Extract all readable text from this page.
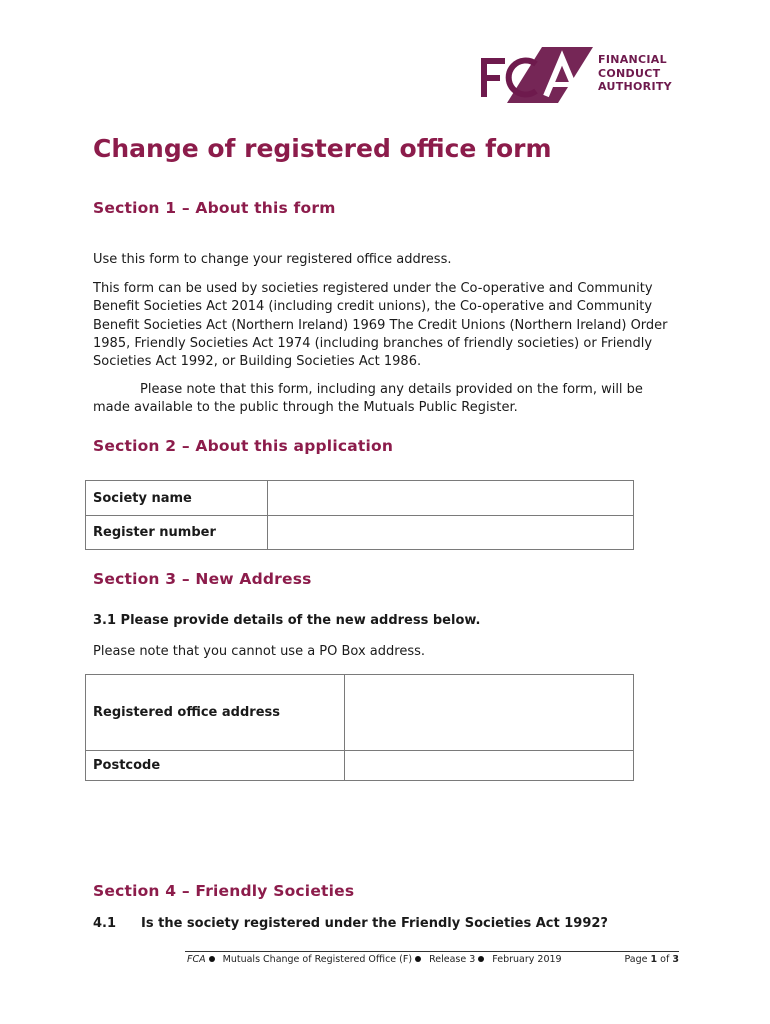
FINANCIAL
CONDUCT
AUTHORITY
Change of registered office form
Section 1 – About this form

Use this form to change your registered office address.

This form can be used by societies registered under the Co-operative and Community Benefit Societies Act 2014 (including credit unions), the Co-operative and Community Benefit Societies Act (Northern Ireland) 1969 The Credit Unions (Northern Ireland) Order 1985, Friendly Societies Act 1974 (including branches of friendly societies) or Friendly Societies Act 1992, or Building Societies Act 1986.

Please note that this form, including any details provided on the form, will be made available to the public through the Mutuals Public Register.

Section 2 – About this application
Society name	
Register number	
Section 3 – New Address

3.1 Please provide details of the new address below.

Please note that you cannot use a PO Box address.

Registered office address	
Postcode	
Section 4 – Friendly Societies
4.1 Is the society registered under the Friendly Societies Act 1992?
FCA Mutuals Change of Registered Office (F) Release 3 February 2019	Page 1 of 3
